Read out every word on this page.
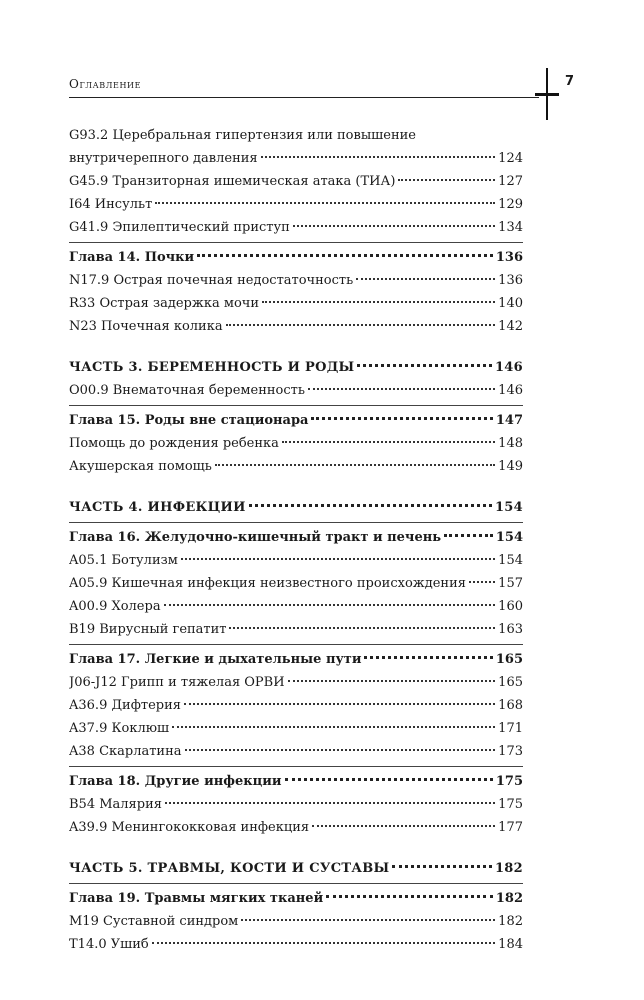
Оглавление	7
G93.2 Церебральная гипертензия или повышение
внутричерепного давления	124
G45.9 Транзиторная ишемическая атака (ТИА)	127
I64 Инсульт	129
G41.9 Эпилептический приступ	134
Глава 14. Почки	136
N17.9 Острая почечная недостаточность	136
R33 Острая задержка мочи	140
N23 Почечная колика	142
ЧАСТЬ 3. БЕРЕМЕННОСТЬ И РОДЫ	146
O00.9 Внематочная беременность	146
Глава 15. Роды вне стационара	147
Помощь до рождения ребенка	148
Акушерская помощь	149
ЧАСТЬ 4. ИНФЕКЦИИ	154
Глава 16. Желудочно-кишечный тракт и печень	154
A05.1 Ботулизм	154
A05.9 Кишечная инфекция неизвестного происхождения 157
A00.9 Холера	160
B19 Вирусный гепатит	163
Глава 17. Легкие и дыхательные пути	165
J06-J12 Грипп и тяжелая ОРВИ	165
A36.9 Дифтерия	168
A37.9 Коклюш	171
A38 Скарлатина	173
Глава 18. Другие инфекции	175
B54 Малярия	175
A39.9 Менингококковая инфекция	177
ЧАСТЬ 5. ТРАВМЫ, КОСТИ И СУСТАВЫ	182
Глава 19. Травмы мягких тканей	182
M19 Суставной синдром	182
T14.0 Ушиб	184
